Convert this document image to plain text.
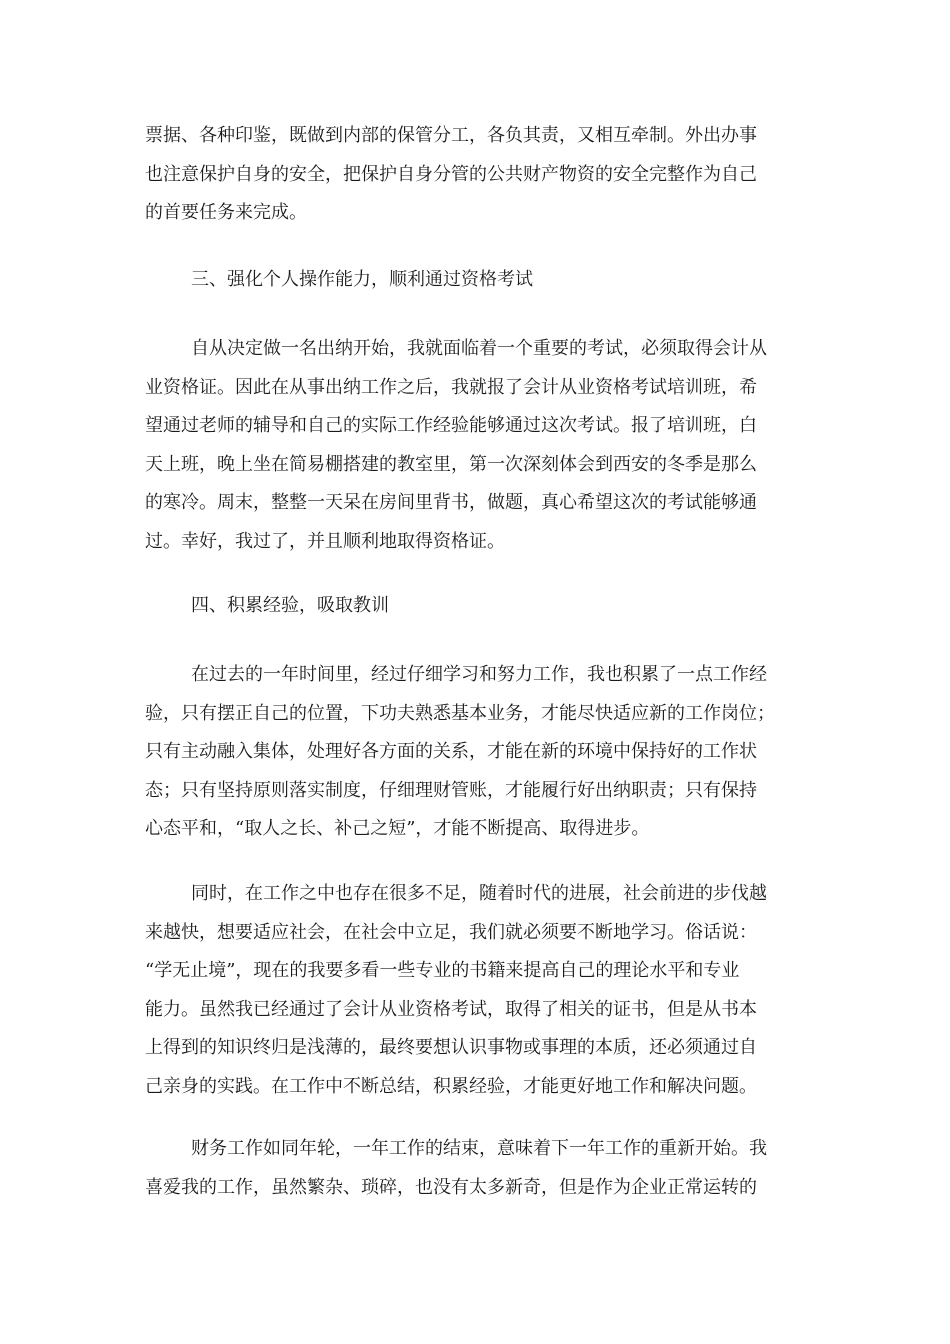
票据、各种印鉴，既做到内部的保管分工，各负其责，又相互牵制。外出办事
也注意保护自身的安全，把保护自身分管的公共财产物资的安全完整作为自己
的首要任务来完成。

三、强化个人操作能力，顺利通过资格考试

自从决定做一名出纳开始，我就面临着一个重要的考试，必须取得会计从
业资格证。因此在从事出纳工作之后，我就报了会计从业资格考试培训班，希
望通过老师的辅导和自己的实际工作经验能够通过这次考试。报了培训班，白
天上班，晚上坐在简易棚搭建的教室里，第一次深刻体会到西安的冬季是那么
的寒冷。周末，整整一天呆在房间里背书，做题，真心希望这次的考试能够通
过。幸好，我过了，并且顺利地取得资格证。

四、积累经验，吸取教训

在过去的一年时间里，经过仔细学习和努力工作，我也积累了一点工作经
验，只有摆正自己的位置，下功夫熟悉基本业务，才能尽快适应新的工作岗位；
只有主动融入集体，处理好各方面的关系，才能在新的环境中保持好的工作状
态；只有坚持原则落实制度，仔细理财管账，才能履行好出纳职责；只有保持
心态平和，“取人之长、补己之短”，才能不断提高、取得进步。

同时，在工作之中也存在很多不足，随着时代的进展，社会前进的步伐越
来越快，想要适应社会，在社会中立足，我们就必须要不断地学习。俗话说：
“学无止境”，现在的我要多看一些专业的书籍来提高自己的理论水平和专业
能力。虽然我已经通过了会计从业资格考试，取得了相关的证书，但是从书本
上得到的知识终归是浅薄的，最终要想认识事物或事理的本质，还必须通过自
己亲身的实践。在工作中不断总结，积累经验，才能更好地工作和解决问题。

财务工作如同年轮，一年工作的结束，意味着下一年工作的重新开始。我
喜爱我的工作，虽然繁杂、琐碎，也没有太多新奇，但是作为企业正常运转的
